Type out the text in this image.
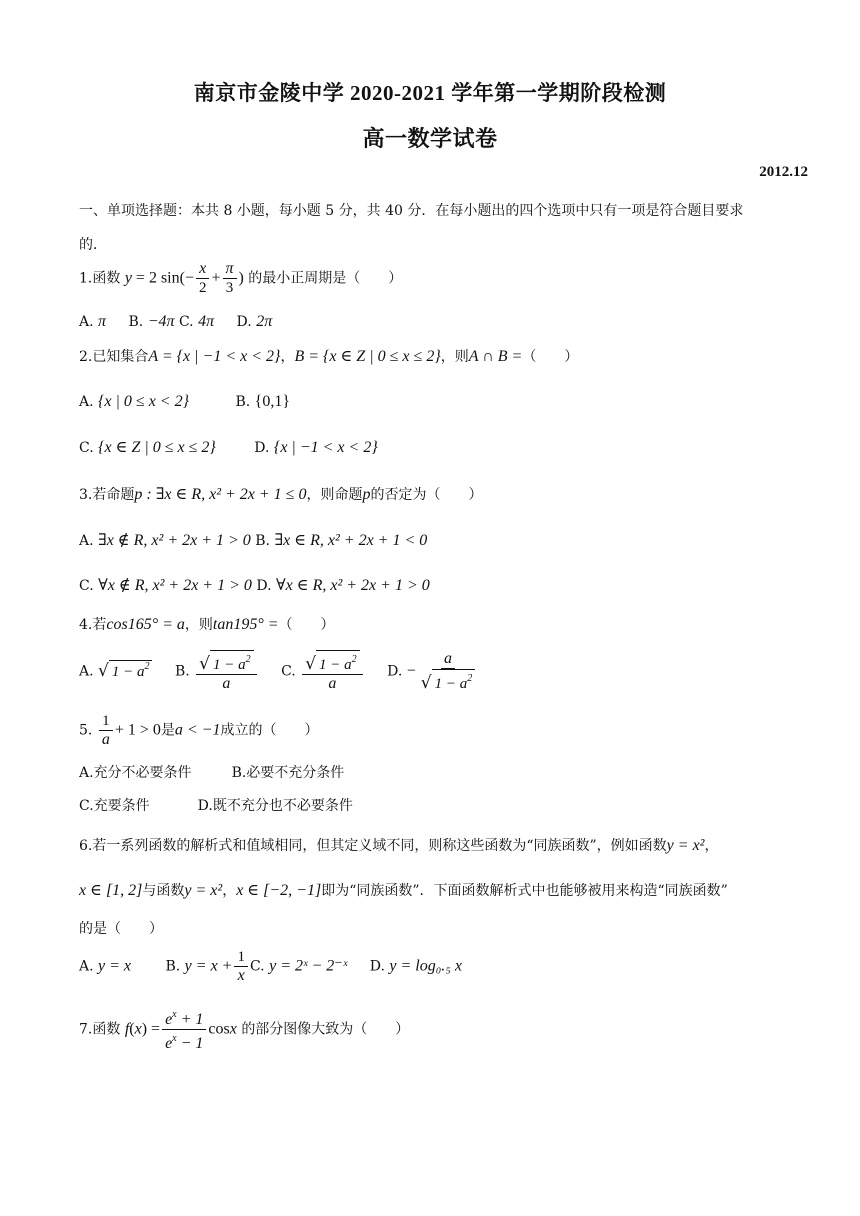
南京市金陵中学 2020-2021 学年第一学期阶段检测
高一数学试卷
2012.12
一、单项选择题：本共 8 小题，每小题 5 分，共 40 分．在每小题出的四个选项中只有一项是符合题目要求
的．
1.函数 y = 2 $\sin(- \frac{x}{2} + \frac{\pi}{3}$ ) 的最小正周期是（　　）
A. π B. −4π C. 4π D. 2π
2.已知集合A = {x | −1 < x < 2}，B = {x ∈ Z | 0 ≤ x ≤ 2}，则A ∩ B =（　　）
A. {x | 0 ≤ x < 2}	B. {0,1}
C. {x ∈ Z | 0 ≤ x ≤ 2}	D. {x | −1 < x < 2}
3.若命题p : ∃x ∈ R, x² + 2x + 1 ≤ 0，则命题p的否定为（　　）
A. ∃x ∉ R, x² + 2x + 1 > 0 B. ∃x ∈ R, x² + 2x + 1 < 0
C. ∀x ∉ R, x² + 2x + 1 > 0 D. ∀x ∈ R, x² + 2x + 1 > 0
4.若cos165° = a，则tan195° =（　　）
A. √ $1 - a^2$ B. $\frac{√ 1 - a^2}{a} C$. $\frac{√ 1 - a^2}{a} D$. − $\frac{a}{√ 1 - a^2}$
5. $\frac{1}{a} + 1 > 0$是a < −1成立的（　　）
A.充分不必要条件	B.必要不充分条件
C.充要条件	D.既不充分也不必要条件
6.若一系列函数的解析式和值域相同，但其定义域不同，则称这些函数为“同族函数”，例如函数y = x²，
x ∈ [1, 2]与函数y = x²，x ∈ [−2, −1]即为“同族函数”．下面函数解析式中也能够被用来构造“同族函数”
的是（　　）
A. y = x B. $y = x + \frac{1}{x} C$. y = 2ˣ − 2⁻ˣ D. y = log₀.₅ x
7.函数 $f(x) = \frac{e^x + 1}{e^x - 1}$ cosx 的部分图像大致为（　　）
